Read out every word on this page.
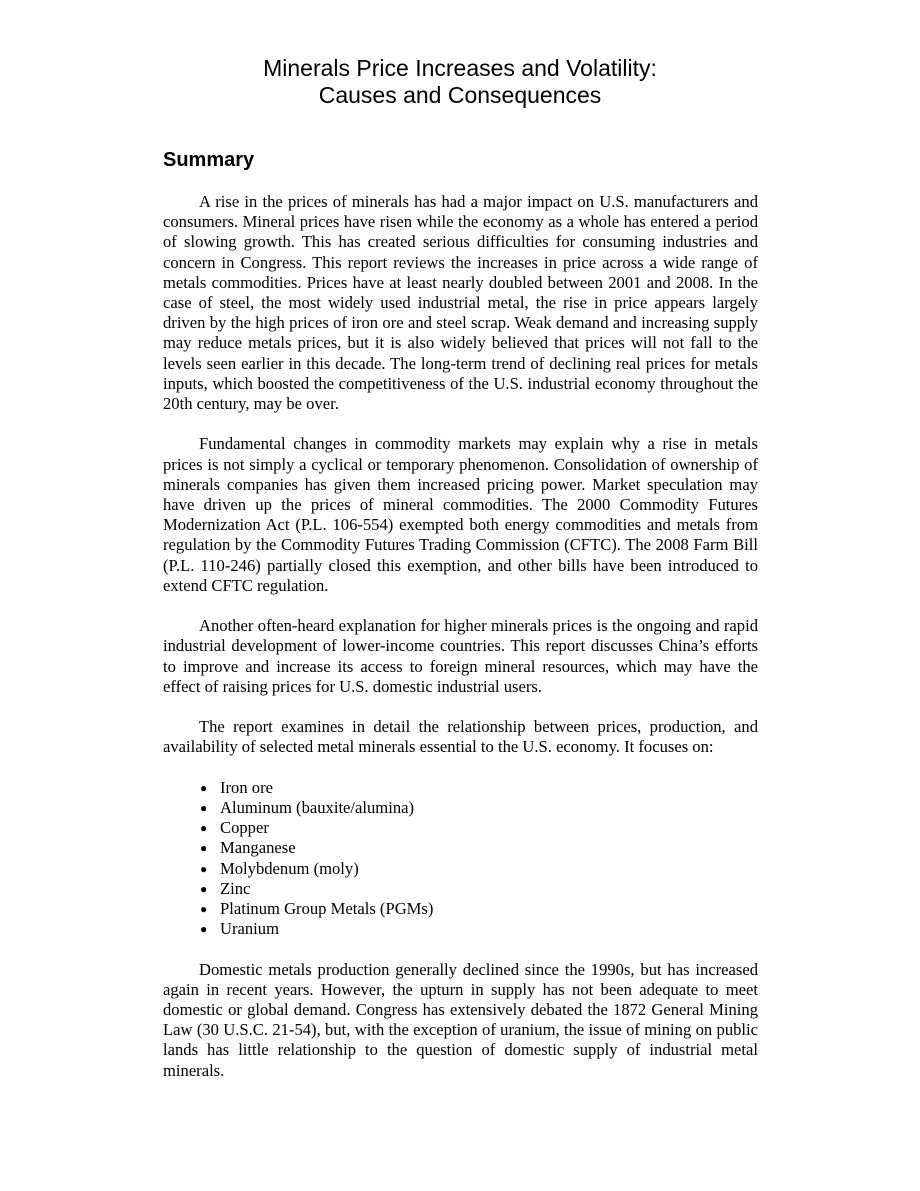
Minerals Price Increases and Volatility:
Causes and Consequences
Summary

A rise in the prices of minerals has had a major impact on U.S. manufacturers and consumers. Mineral prices have risen while the economy as a whole has entered a period of slowing growth. This has created serious difficulties for consuming industries and concern in Congress. This report reviews the increases in price across a wide range of metals commodities. Prices have at least nearly doubled between 2001 and 2008. In the case of steel, the most widely used industrial metal, the rise in price appears largely driven by the high prices of iron ore and steel scrap. Weak demand and increasing supply may reduce metals prices, but it is also widely believed that prices will not fall to the levels seen earlier in this decade. The long-term trend of declining real prices for metals inputs, which boosted the competitiveness of the U.S. industrial economy throughout the 20th century, may be over.

Fundamental changes in commodity markets may explain why a rise in metals prices is not simply a cyclical or temporary phenomenon. Consolidation of ownership of minerals companies has given them increased pricing power. Market speculation may have driven up the prices of mineral commodities. The 2000 Commodity Futures Modernization Act (P.L. 106-554) exempted both energy commodities and metals from regulation by the Commodity Futures Trading Commission (CFTC). The 2008 Farm Bill (P.L. 110-246) partially closed this exemption, and other bills have been introduced to extend CFTC regulation.

Another often-heard explanation for higher minerals prices is the ongoing and rapid industrial development of lower-income countries. This report discusses China’s efforts to improve and increase its access to foreign mineral resources, which may have the effect of raising prices for U.S. domestic industrial users.

The report examines in detail the relationship between prices, production, and availability of selected metal minerals essential to the U.S. economy. It focuses on:

● Iron ore
● Aluminum (bauxite/alumina)
● Copper
● Manganese
● Molybdenum (moly)
● Zinc
● Platinum Group Metals (PGMs)
● Uranium

Domestic metals production generally declined since the 1990s, but has increased again in recent years. However, the upturn in supply has not been adequate to meet domestic or global demand. Congress has extensively debated the 1872 General Mining Law (30 U.S.C. 21-54), but, with the exception of uranium, the issue of mining on public lands has little relationship to the question of domestic supply of industrial metal minerals.
